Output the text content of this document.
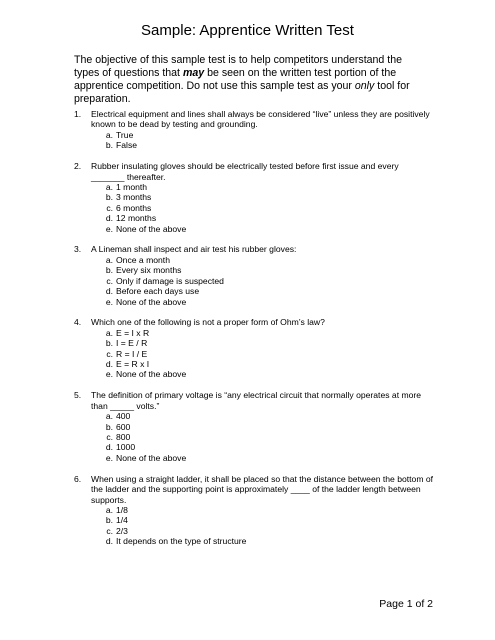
Sample: Apprentice Written Test
The objective of this sample test is to help competitors understand the types of questions that may be seen on the written test portion of the apprentice competition. Do not use this sample test as your only tool for preparation.
1. Electrical equipment and lines shall always be considered “live” unless they are positively known to be dead by testing and grounding.
a. True
b. False
2. Rubber insulating gloves should be electrically tested before first issue and every _______ thereafter.
a. 1 month
b. 3 months
c. 6 months
d. 12 months
e. None of the above
3. A Lineman shall inspect and air test his rubber gloves:
a. Once a month
b. Every six months
c. Only if damage is suspected
d. Before each days use
e. None of the above
4. Which one of the following is not a proper form of Ohm’s law?
a. E = I x R
b. I = E / R
c. R = I / E
d. E = R x I
e. None of the above
5. The definition of primary voltage is “any electrical circuit that normally operates at more than _____ volts.”
a. 400
b. 600
c. 800
d. 1000
e. None of the above
6. When using a straight ladder, it shall be placed so that the distance between the bottom of the ladder and the supporting point is approximately ____ of the ladder length between supports.
a. 1/8
b. 1/4
c. 2/3
d. It depends on the type of structure
Page 1 of 2
